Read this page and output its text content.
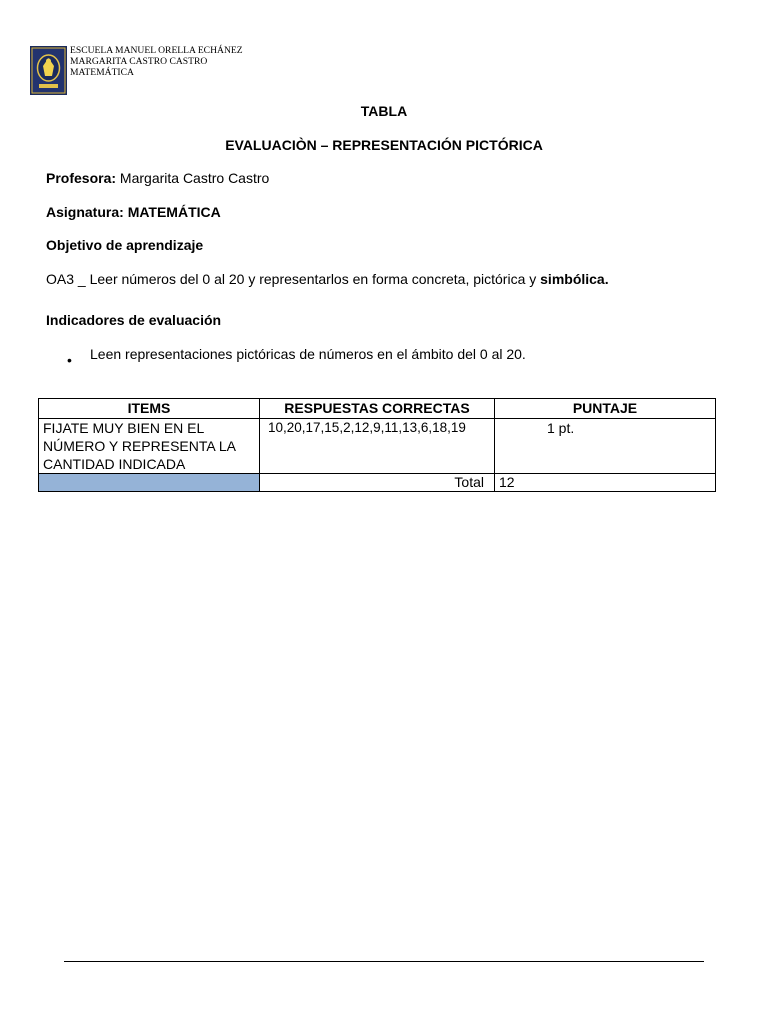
ESCUELA MANUEL ORELLA ECHÁNEZ
MARGARITA CASTRO CASTRO
MATEMÁTICA
TABLA
EVALUACIÒN – REPRESENTACIÓN PICTÓRICA
Profesora: Margarita Castro Castro
Asignatura: MATEMÁTICA
Objetivo de aprendizaje
OA3 _ Leer números del 0 al 20 y representarlos en forma concreta, pictórica y simbólica.
Indicadores de evaluación
• Leen representaciones pictóricas de números en el ámbito del 0 al 20.
ITEMS	RESPUESTAS CORRECTAS	PUNTAJE
FIJATE MUY BIEN EN EL NÚMERO Y REPRESENTA LA CANTIDAD INDICADA	10,20,17,15,2,12,9,11,13,6,18,19	1 pt.
	Total	12
